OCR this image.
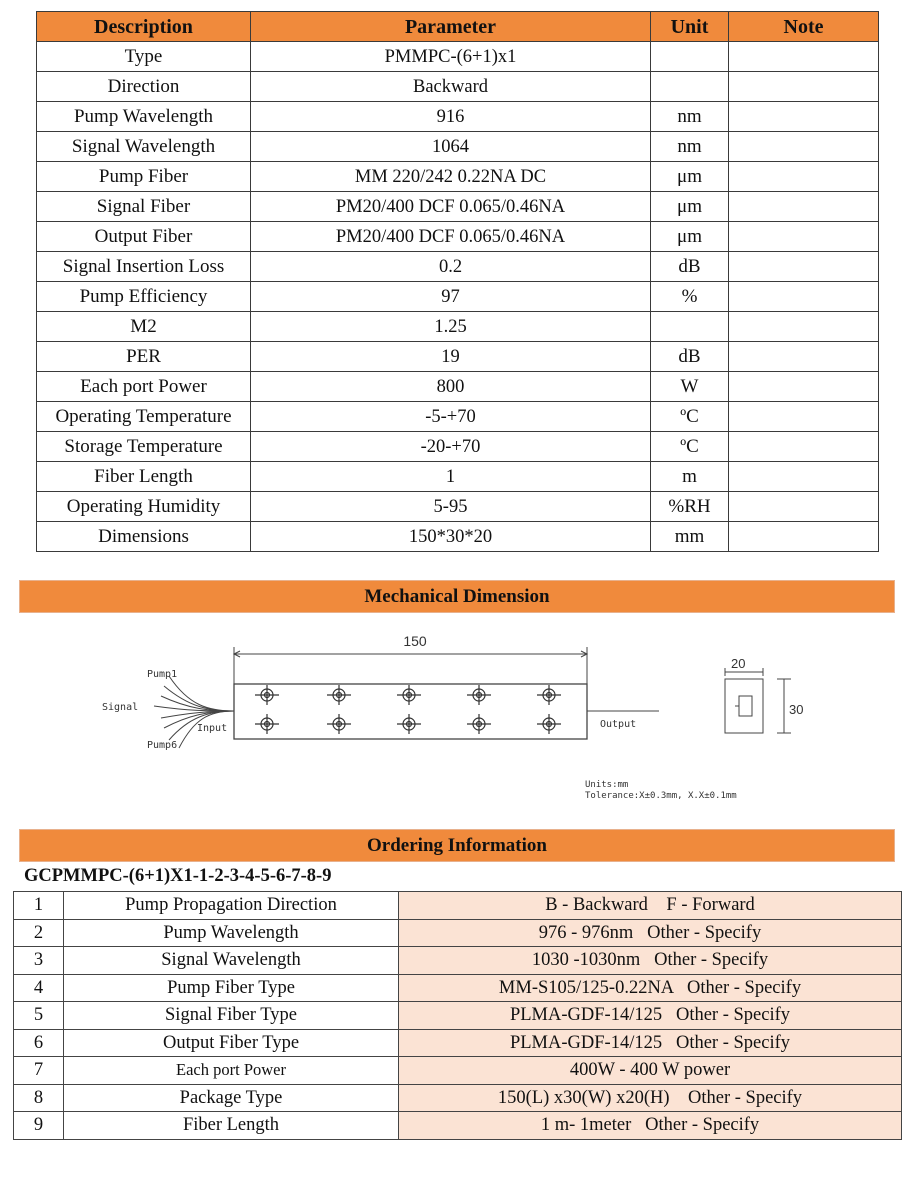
Description	Parameter	Unit	Note
Type	PMMPC-(6+1)x1		
Direction	Backward		
Pump Wavelength	916	nm	
Signal Wavelength	1064	nm	
Pump Fiber	MM 220/242 0.22NA DC	μm	
Signal Fiber	PM20/400 DCF 0.065/0.46NA	μm	
Output Fiber	PM20/400 DCF 0.065/0.46NA	μm	
Signal Insertion Loss	0.2	dB	
Pump Efficiency	97	%	
M2	1.25		
PER	19	dB	
Each port Power	800	W	
Operating Temperature	-5-+70	ºC	
Storage Temperature	-20-+70	ºC	
Fiber Length	1	m	
Operating Humidity	5-95	%RH	
Dimensions	150*30*20	mm	
Mechanical Dimension
150
20
30
Pump1
Pump6
Signal
Input	Output
Units:mm
Tolerance:X±0.3mm, X.X±0.1mm
Ordering Information
GCPMMPC-(6+1)X1-1-2-3-4-5-6-7-8-9
1	Pump Propagation Direction	B - Backward    F - Forward
2	Pump Wavelength	976 - 976nm   Other - Specify
3	Signal Wavelength	1030 -1030nm   Other - Specify
4	Pump Fiber Type	MM-S105/125-0.22NA   Other - Specify
5	Signal Fiber Type	PLMA-GDF-14/125   Other - Specify
6	Output Fiber Type	PLMA-GDF-14/125   Other - Specify
7	Each port Power	400W - 400 W power
8	Package Type	150(L) x30(W) x20(H)    Other - Specify
9	Fiber Length	1 m- 1meter   Other - Specify
